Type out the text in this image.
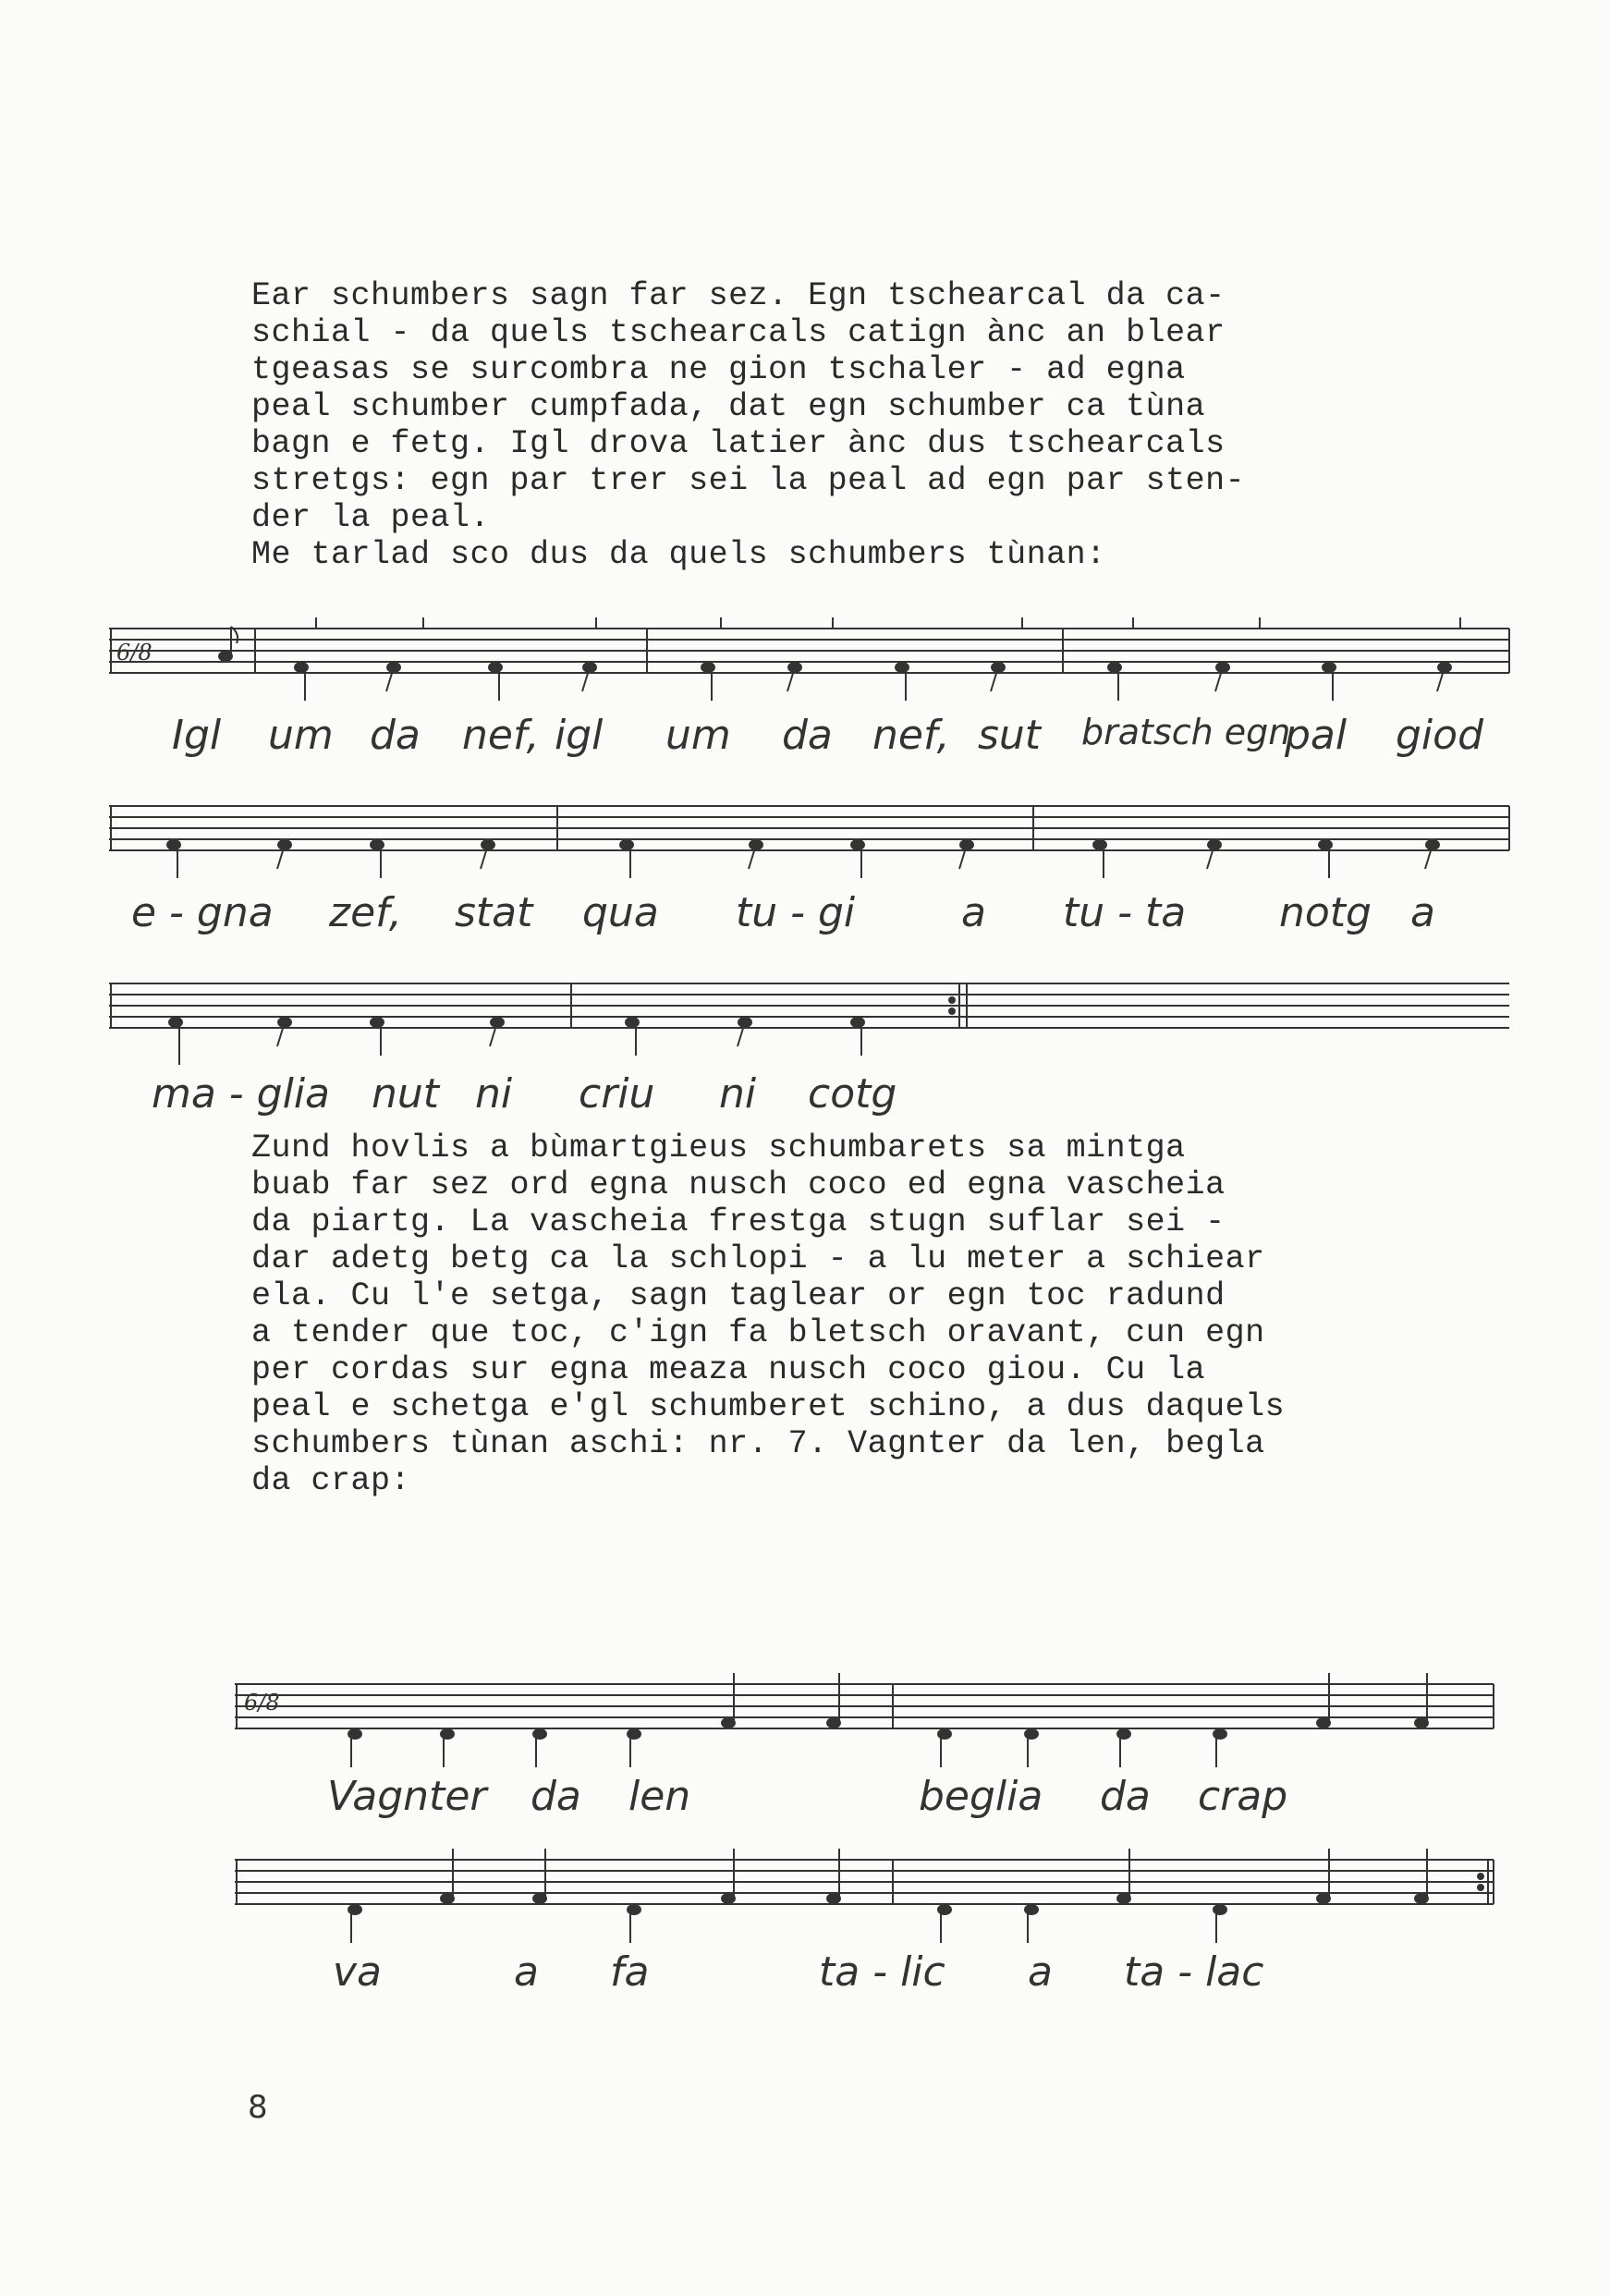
Ear schumbers sagn far sez. Egn tschearcal da ca-
schial - da quels tschearcals catign ànc an blear
tgeasas se surcombra ne gion tschaler - ad egna
peal schumber cumpfada, dat egn schumber ca tùna
bagn e fetg. Igl drova latier ànc dus tschearcals
stretgs: egn par trer sei la peal ad egn par sten-
der la peal.
Me tarlad sco dus da quels schumbers tùnan:
6/8
Igl um da nef, igl um da nef, sut bratsch egn
pal giod
e - gna zef, stat qua tu - gi	a tu - ta notg a
ma - glia nut ni criu ni cotg
Zund hovlis a bùmartgieus schumbarets sa mintga
buab far sez ord egna nusch coco ed egna vascheia
da piartg. La vascheia frestga stugn suflar sei -
dar adetg betg ca la schlopi - a lu meter a schiear
ela. Cu l'e setga, sagn taglear or egn toc radund
a tender que toc, c'ign fa bletsch oravant, cun egn
per cordas sur egna meaza nusch coco giou. Cu la
peal e schetga e'gl schumberet schino, a dus daquels
schumbers tùnan aschi: nr. 7. Vagnter da len, begla
da crap:
6/8
Vagnter da len	beglia da crap
va	a fa	ta - lic a ta - lac
8
